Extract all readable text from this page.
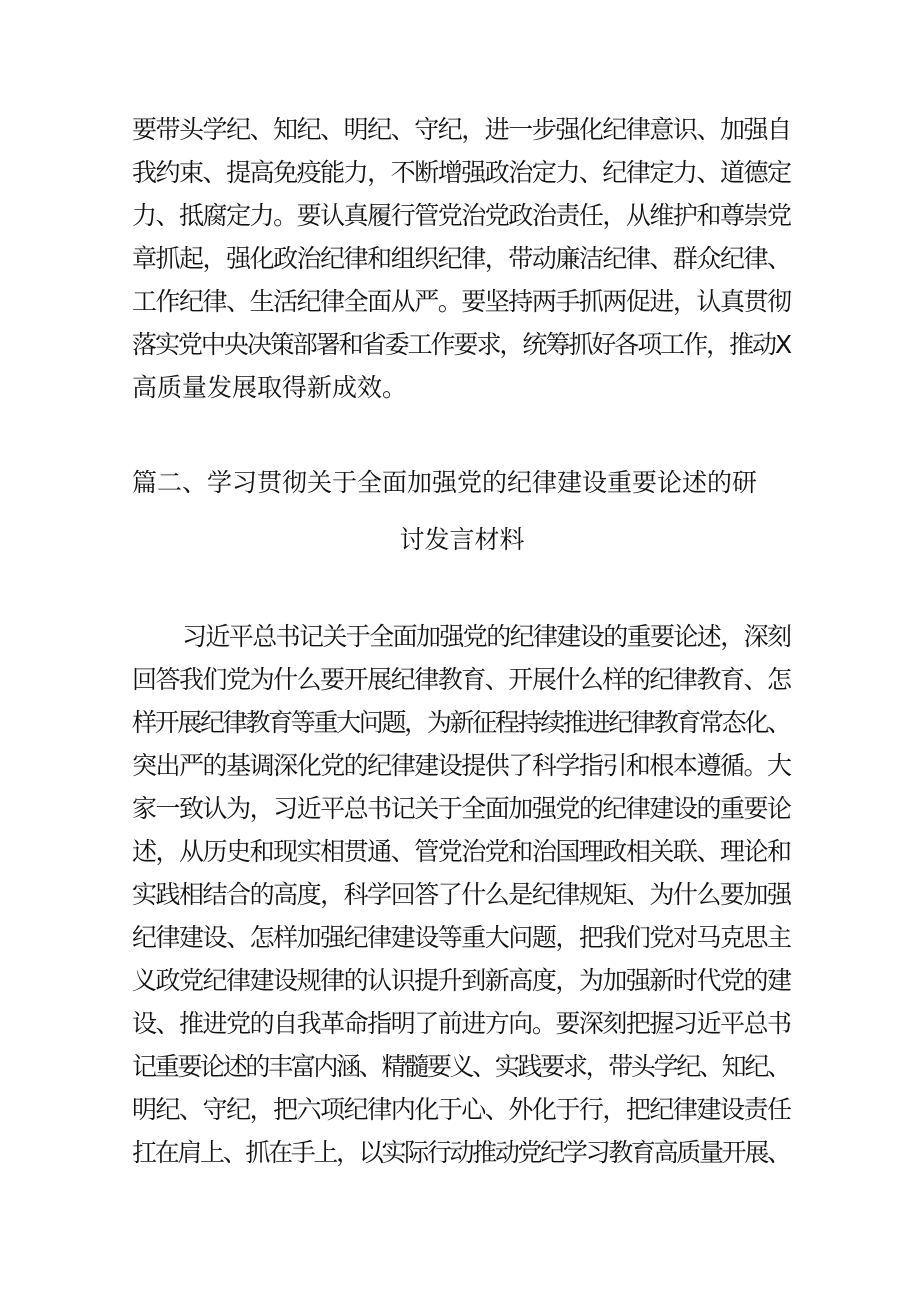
要带头学纪、知纪、明纪、守纪，进一步强化纪律意识、加强自
我约束、提高免疫能力，不断增强政治定力、纪律定力、道德定
力、抵腐定力。要认真履行管党治党政治责任，从维护和尊崇党
章抓起，强化政治纪律和组织纪律，带动廉洁纪律、群众纪律、
工作纪律、生活纪律全面从严。要坚持两手抓两促进，认真贯彻
落实党中央决策部署和省委工作要求，统筹抓好各项工作，推动X
高质量发展取得新成效。
篇二、学习贯彻关于全面加强党的纪律建设重要论述的研
讨发言材料
习近平总书记关于全面加强党的纪律建设的重要论述，深刻
回答我们党为什么要开展纪律教育、开展什么样的纪律教育、怎
样开展纪律教育等重大问题，为新征程持续推进纪律教育常态化、
突出严的基调深化党的纪律建设提供了科学指引和根本遵循。大
家一致认为，习近平总书记关于全面加强党的纪律建设的重要论
述，从历史和现实相贯通、管党治党和治国理政相关联、理论和
实践相结合的高度，科学回答了什么是纪律规矩、为什么要加强
纪律建设、怎样加强纪律建设等重大问题，把我们党对马克思主
义政党纪律建设规律的认识提升到新高度，为加强新时代党的建
设、推进党的自我革命指明了前进方向。要深刻把握习近平总书
记重要论述的丰富内涵、精髓要义、实践要求，带头学纪、知纪、
明纪、守纪，把六项纪律内化于心、外化于行，把纪律建设责任
扛在肩上、抓在手上，以实际行动推动党纪学习教育高质量开展、
